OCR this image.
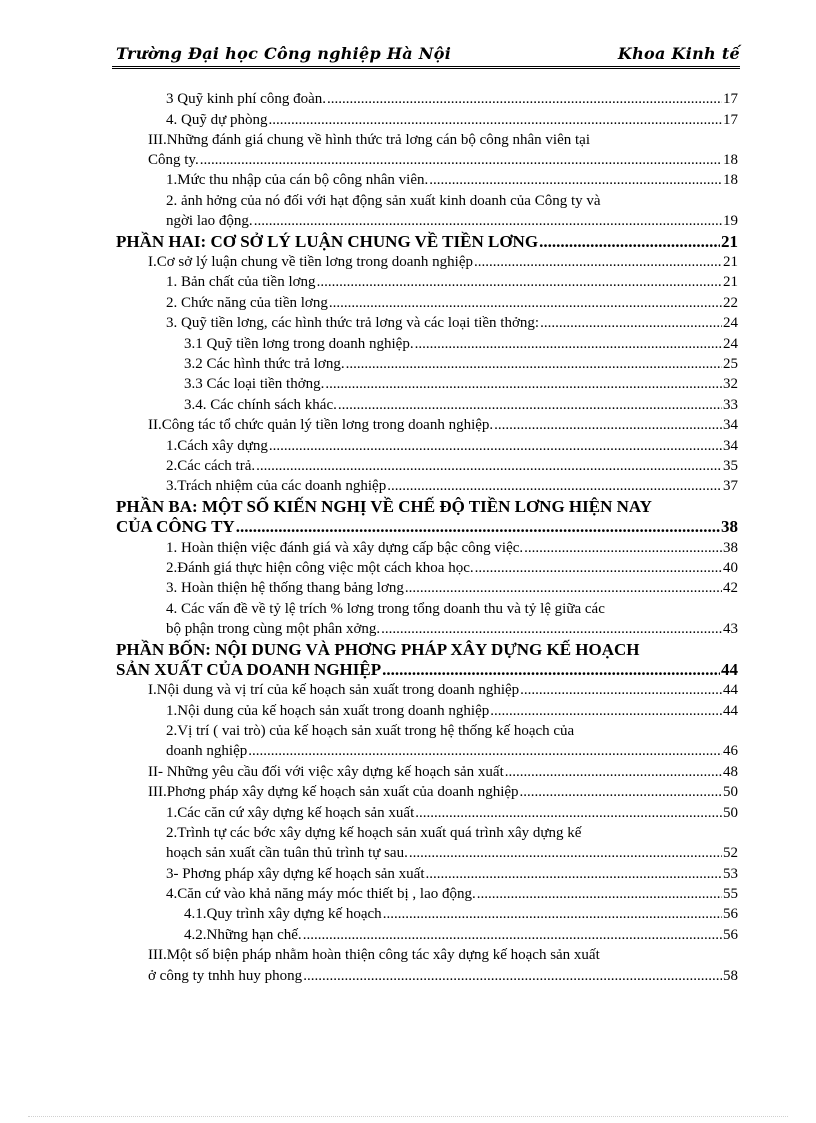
Trường Đại học Công nghiệp Hà Nội	Khoa Kinh tế
3 Quỹ kinh phí công đoàn. .....	17
4. Quỹ dự phòng .....	17
III.Những đánh giá chung về hình thức trả lơng cán bộ công nhân viên tại
Công ty. .....	18
1.Mức thu nhập của cán bộ công nhân viên. .....	18
2. ảnh hởng của nó đối với hạt động sản xuất kinh doanh của Công ty và
ngời lao động. .....	19
PHẦN HAI: CƠ SỞ LÝ LUẬN CHUNG VỀ TIỀN LƠNG .....	21
I.Cơ sở lý luận chung về tiền lơng trong doanh nghiệp .....	21
1. Bản chất của tiền lơng .....	21
2. Chức năng của tiền lơng .....	22
3. Quỹ tiền lơng, các hình thức trả lơng và các loại tiền thởng: .....	24
3.1 Quỹ tiền lơng trong doanh nghiệp. .....	24
3.2 Các hình thức trả lơng. .....	25
3.3 Các loại tiền thởng. .....	32
3.4. Các chính sách khác. .....	33
II.Công tác tổ chức quản lý tiền lơng trong doanh nghiệp. .....	34
1.Cách xây dựng .....	34
2.Các cách trả. .....	35
3.Trách nhiệm của các doanh nghiệp .....	37
PHẦN BA: MỘT SỐ KIẾN NGHỊ VỀ CHẾ ĐỘ TIỀN LƠNG HIỆN NAY
CỦA CÔNG TY .....	38
1. Hoàn thiện việc đánh giá và xây dựng cấp bậc công việc. .....	38
2.Đánh giá thực hiện công việc một cách khoa học. .....	40
3. Hoàn thiện hệ thống thang bảng lơng .....	42
4. Các vấn đề về tỷ lệ trích % lơng trong tổng doanh thu và tỷ lệ giữa các
bộ phận trong cùng một phân xởng. .....	43
PHẦN BỐN: NỘI DUNG VÀ PHƠNG PHÁP XÂY DỰNG KẾ HOẠCH
SẢN XUẤT CỦA DOANH NGHIỆP .....	44
I.Nội dung và vị trí của kế hoạch sản xuất trong doanh nghiệp .....	44
1.Nội dung của kế hoạch sản xuất trong doanh nghiệp .....	44
2.Vị trí ( vai trò) của kế hoạch sản xuất trong hệ thống kế hoạch của
doanh nghiệp .....	46
II- Những yêu cầu đối với việc xây dựng kế hoạch sản xuất .....	48
III.Phơng pháp xây dựng kế hoạch sản xuất của doanh nghiệp .....	50
1.Các căn cứ xây dựng kế hoạch sản xuất .....	50
2.Trình tự các bớc xây dựng kế hoạch sản xuất quá trình xây dựng kế
hoạch sản xuất cần tuân thủ trình tự sau. .....	52
3- Phơng pháp xây dựng kế hoạch sản xuất .....	53
4.Căn cứ vào khả năng máy móc thiết bị , lao động. .....	55
4.1.Quy trình xây dựng kế hoạch .....	56
4.2.Những hạn chế. .....	56
III.Một số biện pháp nhằm hoàn thiện công tác xây dựng kế hoạch sản xuất
ở công ty tnhh huy phong .....	58
